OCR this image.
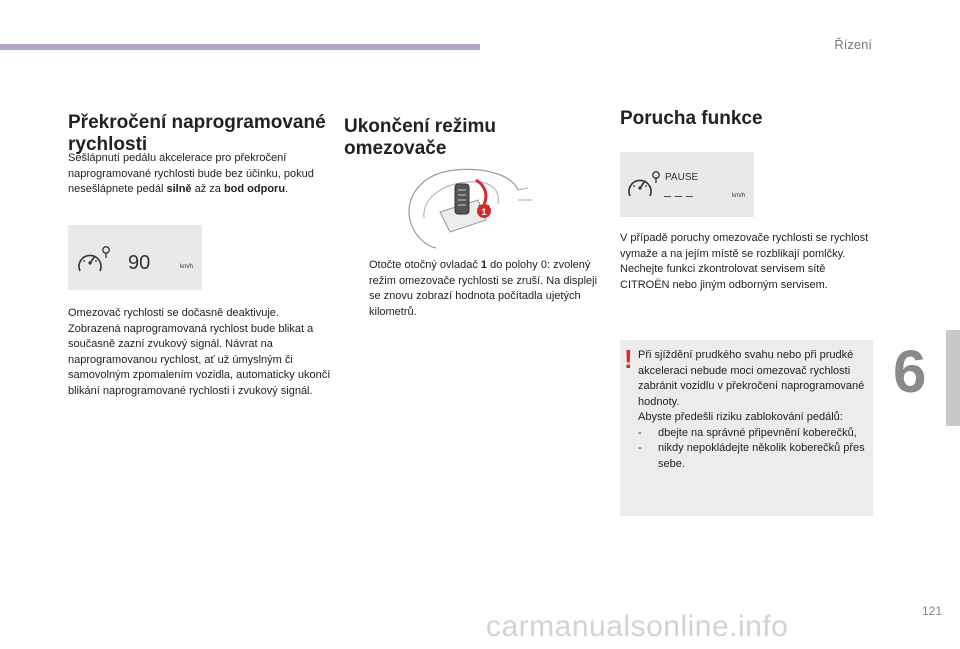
Řízení
Překročení naprogramované rychlosti

Sešlápnutí pedálu akcelerace pro překročení naprogramované rychlosti bude bez účinku, pokud nesešlápnete pedál silně až za bod odporu.

90	km/h

Omezovač rychlosti se dočasně deaktivuje. Zobrazená naprogramovaná rychlost bude blikat a současně zazní zvukový signál. Návrat na naprogramovanou rychlost, ať už úmyslným či samovolným zpomalením vozidla, automaticky ukončí blikání naprogramované rychlosti i zvukový signál.

Ukončení režimu omezovače
1

Otočte otočný ovladač 1 do polohy 0: zvolený režim omezovače rychlosti se zruší. Na displeji se znovu zobrazí hodnota počítadla ujetých kilometrů.

Porucha funkce
PAUSE
– – –	km/h

V případě poruchy omezovače rychlosti se rychlost vymaže a na jejím místě se rozblikají pomlčky.
Nechejte funkci zkontrolovat servisem sítě CITROËN nebo jiným odborným servisem.

! Při sjíždění prudkého svahu nebo při prudké akceleraci nebude moci omezovač rychlosti zabránit vozidlu v překročení naprogramované hodnoty.

Abyste předešli riziku zablokování pedálů:

-	dbejte na správné připevnění koberečků,

-	nikdy nepokládejte několik koberečků přes sebe.

6
121
carmanualsonline.info
